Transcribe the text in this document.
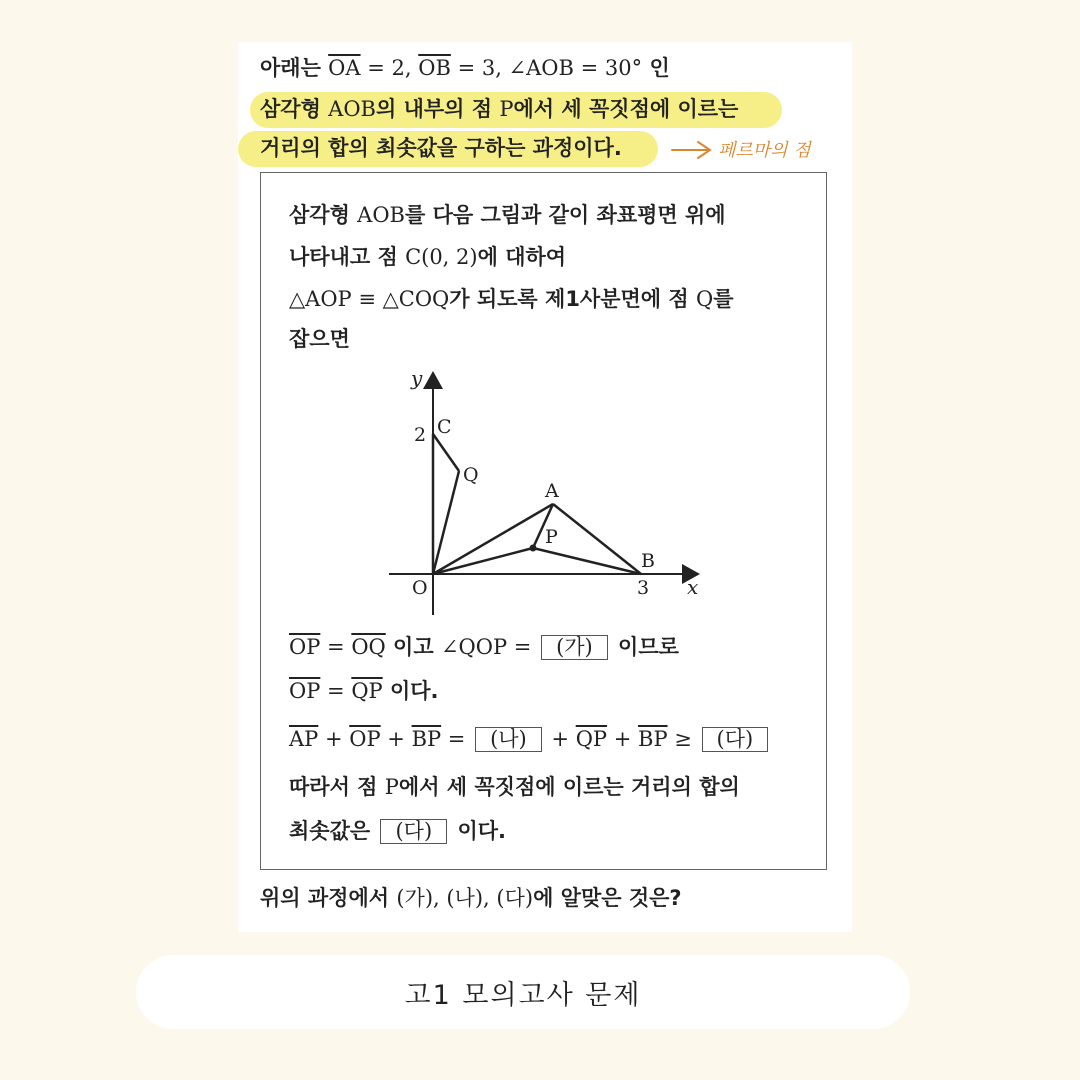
아래는 $\overline{OA} = 2$, $\overline{OB} = 3$, ∠AOB = 30° 인
삼각형 AOB의 내부의 점 P에서 세 꼭짓점에 이르는
거리의 합의 최솟값을 구하는 과정이다.	페르마의 점
삼각형 AOB를 다음 그림과 같이 좌표평면 위에
나타내고 점 C(0, 2)에 대하여
△AOP ≡ △COQ가 되도록 제1사분면에 점 Q를
잡으면
y
x
O
2
3
C
Q
A
P
B
$\overline{OP} = \overline{OQ}$ 이고 ∠QOP = (가) 이므로
$\overline{OP} = \overline{QP}$ 이다.
$\overline{AP} + \overline{OP} + \overline{BP}$ = (나) + $\overline{QP} + \overline{BP}$ ≥ (다)
따라서 점 P에서 세 꼭짓점에 이르는 거리의 합의
최솟값은 (다) 이다.
위의 과정에서 (가), (나), (다)에 알맞은 것은?
고1 모의고사 문제
